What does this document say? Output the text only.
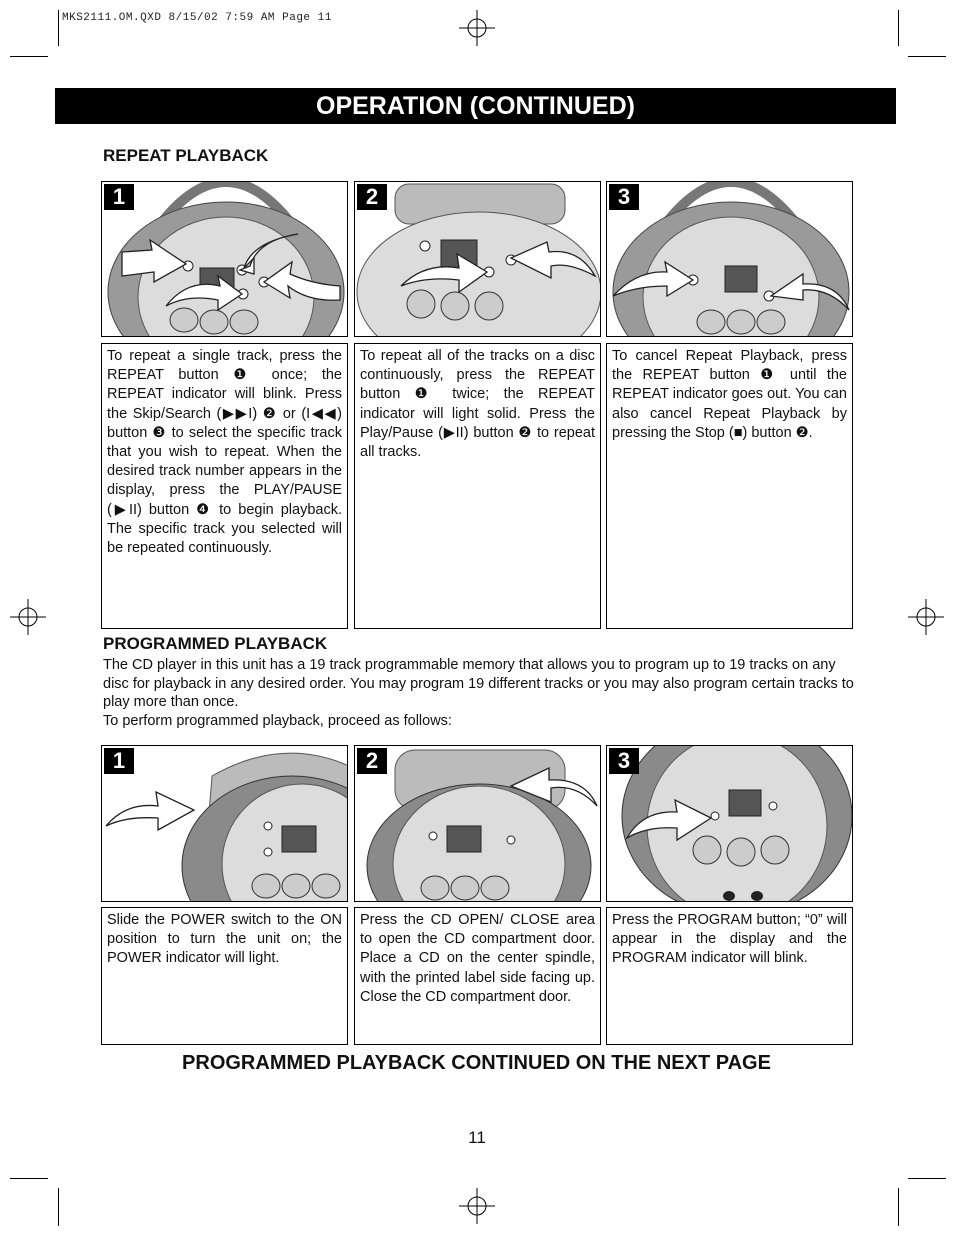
MKS2111.OM.QXD 8/15/02 7:59 AM Page 11
OPERATION (CONTINUED)
REPEAT PLAYBACK
1	2	3
To repeat a single track, press the REPEAT button ❶ once; the REPEAT indicator will blink. Press the Skip/Search (▶▶I) ❷ or (I◀◀) button ❸ to select the specific track that you wish to repeat. When the desired track number appears in the display, press the PLAY/PAUSE (▶II) button ❹ to begin playback. The specific track you selected will be repeated continuously.
To repeat all of the tracks on a disc continuously, press the REPEAT button ❶ twice; the REPEAT indicator will light solid. Press the Play/Pause (▶II) button ❷ to repeat all tracks.
To cancel Repeat Playback, press the REPEAT button ❶ until the REPEAT indicator goes out. You can also cancel Repeat Playback by pressing the Stop (■) button ❷.
PROGRAMMED PLAYBACK

The CD player in this unit has a 19 track programmable memory that allows you to program up to 19 tracks on any disc for playback in any desired order. You may program 19 different tracks or you may also program certain tracks to play more than once.

To perform programmed playback, proceed as follows:

1	2	3
Slide the POWER switch to the ON position to turn the unit on; the POWER indicator will light.
Press the CD OPEN/ CLOSE area to open the CD compartment door. Place a CD on the center spindle, with the printed label side facing up. Close the CD compartment door.
Press the PROGRAM button; “0” will appear in the display and the PROGRAM indicator will blink.
PROGRAMMED PLAYBACK CONTINUED ON THE NEXT PAGE
11
